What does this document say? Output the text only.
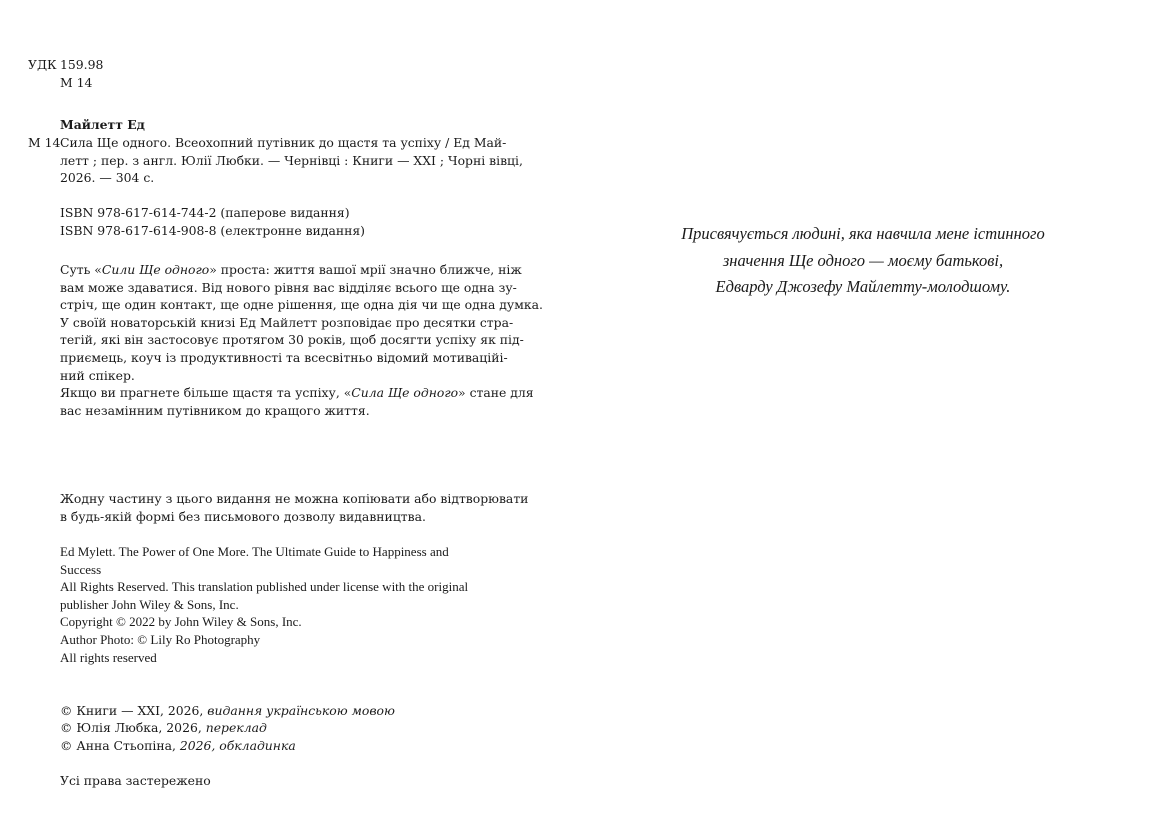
УДК 159.98
М 14
Майлетт Ед
М 14 Сила Ще одного. Всеохопний путівник до щастя та успіху / Ед Май-
летт ; пер. з англ. Юлії Любки. — Чернівці : Книги — ХХІ ; Чорні вівці,
2026. — 304 с.
ISBN 978-617-614-744-2 (паперове видання)
ISBN 978-617-614-908-8 (електронне видання)
Суть «Сили Ще одного» проста: життя вашої мрії значно ближче, ніж
вам може здаватися. Від нового рівня вас відділяє всього ще одна зу-
стріч, ще один контакт, ще одне рішення, ще одна дія чи ще одна думка.
У своїй новаторській книзі Ед Майлетт розповідає про десятки стра-
тегій, які він застосовує протягом 30 років, щоб досягти успіху як під-
приємець, коуч із продуктивності та всесвітньо відомий мотиваційі-
ний спікер.
Якщо ви прагнете більше щастя та успіху, «Сила Ще одного» стане для
вас незамінним путівником до кращого життя.
Жодну частину з цього видання не можна копіювати або відтворювати
в будь-якій формі без письмового дозволу видавництва.
Ed Mylett. The Power of One More. The Ultimate Guide to Happiness and
Success
All Rights Reserved. This translation published under license with the original
publisher John Wiley & Sons, Inc.
Copyright © 2022 by John Wiley & Sons, Inc.
Author Photo: © Lily Ro Photography
All rights reserved
© Книги — ХХІ, 2026, видання українською мовою
© Юлія Любка, 2026, переклад
© Анна Стьопіна, 2026, обкладинка
Усі права застережено
Присвячується людині, яка навчила мене істинного
значення Ще одного — моєму батькові,
Едварду Джозефу Майлетту-молодшому.
